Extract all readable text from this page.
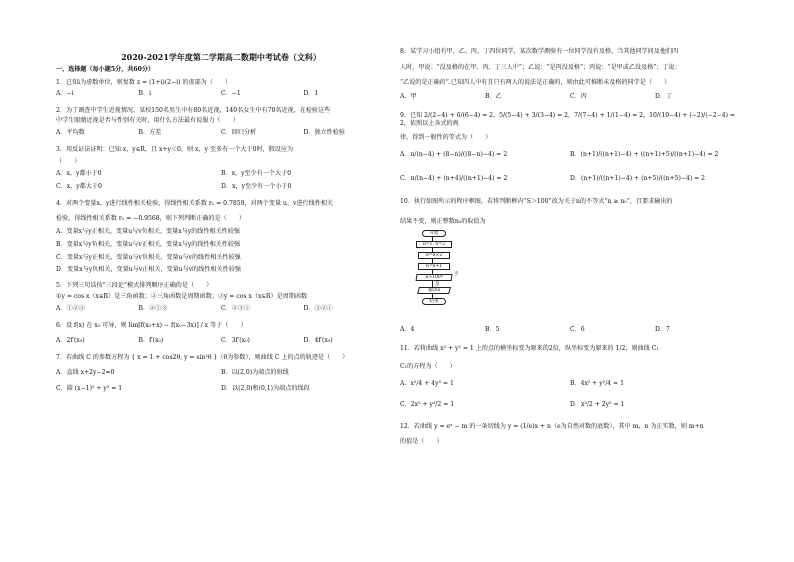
2020-2021学年度第二学期高二数期中考试卷（文科）
一、选择题（每小题5分，共60分）
1．已知i为虚数单位，则复数 z = (1+i)(2−i) 的虚部为（　　）
A．−i	B．i	C．−1	D．1
2．为了调查中学生近视情况，某校150名男生中有80名近视，140名女生中有70名近视，在检验这些
中学生眼睛近视是否与性别有关时，用什么方法最有说服力（　　）
A．平均数	B．方差	C．回归分析	D．独立性检验
3．用反证法证明：已知 x，y∈R，且 x+y＜0，则 x，y 至多有一个大于0时，假设应为
（　　）
A．x，y都小于0	B．x，y至少有一个大于0
C．x，y都大于0	D．x，y至少有一个小于0
4．对两个变量x、y进行线性相关检验，得线性相关系数 r₁ = 0.7859，对两个变量 u、v进行线性相关
检验，得线性相关系数 r₂ = −0.9568，则下列判断正确的是（　　）
A．变量x与y正相关，变量u与v负相关，变量x与y的线性相关性较强
B．变量x与y负相关，变量u与v正相关，变量x与y的线性相关性较强
C．变量x与y正相关，变量u与v负相关，变量u与v的线性相关性较强
D．变量x与y负相关，变量u与v正相关，变量u与v的线性相关性较强
5．下列三句话按“三段论”模式排列顺序正确的是（　　）
①y = cos x（x∈R）是三角函数；②三角函数是周期函数；③y = cos x（x∈R）是周期函数
A．①②③	B．②①③	C．②③①	D．③②①
6．设 f(x) 在 x₀ 可导，则 lim[f(x₀+x) − f(x₀−3x)] / x 等于（　　）
A．2f′(x₀)	B．f′(x₀)	C．3f′(x₀)	D．4f′(x₀)
7．若曲线 C 的参数方程为 { x = 1 + cos2θ, y = sin²θ }（θ为参数），则曲线 C 上的点的轨迹是（　　）
A．直线 x+2y−2=0	B．以(2,0)为端点的射线
C．圆 (x−1)² + y² = 1	D．以(2,0)和(0,1)为端点的线段
8．某学习小组有甲、乙、丙、丁四位同学，某次数学测验有一位同学没有及格，当其他同学问及他们四
人时，甲说：“没及格的在甲、丙、丁三人中”；乙说：“是丙没及格”；丙说：“是甲或乙没及格”；丁说：
“乙说的是正确的”.已知四人中有且只有两人的说法是正确的，则由此可推断未及格的同学是（　　）
A．甲	B．乙	C．丙	D．丁
9．已知 2/(2−4) + 6/(6−4) = 2，5/(5−4) + 3/(3−4) = 2，7/(7−4) + 1/(1−4) = 2，10/(10−4) + (−2)/(−2−4) = 2，依照以上各式的规
律，得到一般性的等式为（　　）
A．n/(n−4) + (8−n)/((8−n)−4) = 2	B．(n+1)/((n+1)−4) + ((n+1)+5)/((n+1)−4) = 2
C．n/(n−4) + (n+4)/((n+1)−4) = 2	D．(n+1)/((n+1)−4) + (n+5)/((n+5)−4) = 2
10．执行如图所示的程序框图，若将判断框内“S＞100”改为关于n的不等式“n ≥ n₀”，且要求输出的
结果不变，则正整数n₀的取值为
开始
n=1, S=2
S=S×2
n=n+1
S>100?
否
是
输出n
结束
A．4	B．5	C．6	D．7
11．若将曲线 x² + y² = 1 上的点的横坐标变为原来的2倍，纵坐标变为原来的 1/2，则曲线 C₁
C₁的方程为（　　）
A．x²/4 + 4y² = 1	B．4x² + y²/4 = 1
C．2x² + y²/2 = 1	D．x²/2 + 2y² = 1
12．若曲线 y = eˣ − m 的一条切线为 y = (1/e)x + n（e为自然对数的底数），其中 m，n 为正实数，则 m+n
的值是（　　）
